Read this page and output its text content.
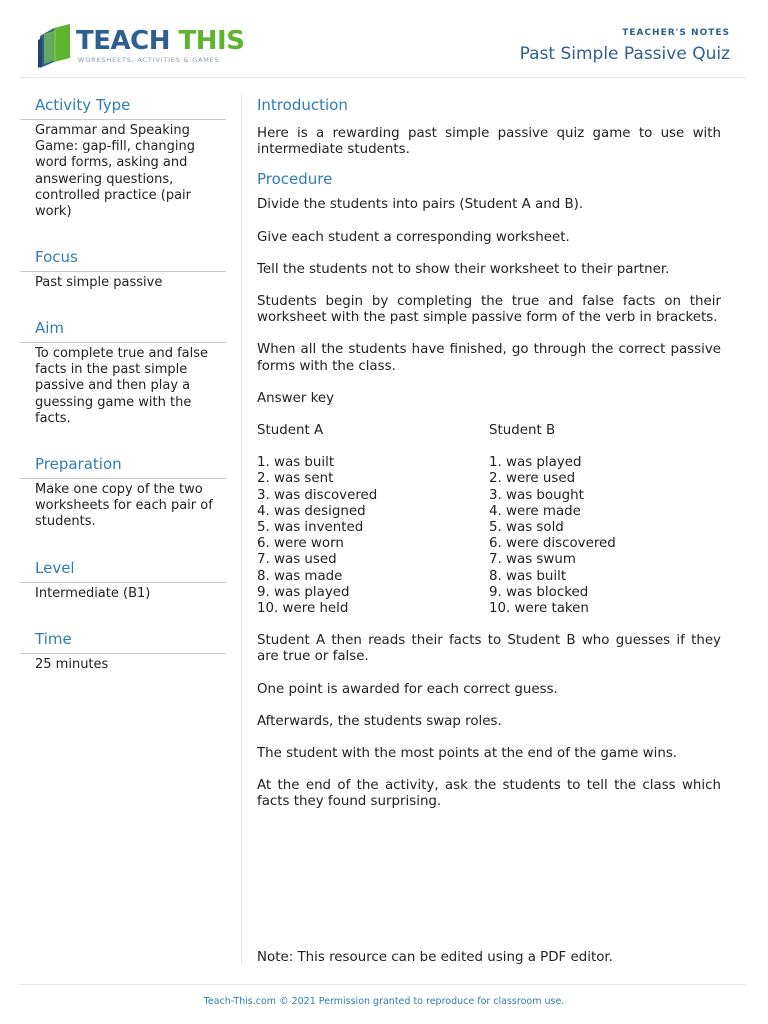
TEACH THIS
WORKSHEETS, ACTIVITIES & GAMES
TEACHER'S NOTES
Past Simple Passive Quiz
Activity Type
Grammar and Speaking Game: gap-fill, changing word forms, asking and answering questions, controlled practice (pair work)
Focus
Past simple passive
Aim
To complete true and false facts in the past simple passive and then play a guessing game with the facts.
Preparation
Make one copy of the two worksheets for each pair of students.
Level
Intermediate (B1)
Time
25 minutes
Introduction

Here is a rewarding past simple passive quiz game to use with intermediate students.

Procedure

Divide the students into pairs (Student A and B).

Give each student a corresponding worksheet.

Tell the students not to show their worksheet to their partner.

Students begin by completing the true and false facts on their worksheet with the past simple passive form of the verb in brackets.

When all the students have finished, go through the correct passive forms with the class.

Answer key

Student A	Student B
1. was built
2. was sent
3. was discovered
4. was designed
5. was invented
6. were worn
7. was used
8. was made
9. was played
10. were held
1. was played
2. were used
3. was bought
4. were made
5. was sold
6. were discovered
7. was swum
8. was built
9. was blocked
10. were taken

Student A then reads their facts to Student B who guesses if they are true or false.

One point is awarded for each correct guess.

Afterwards, the students swap roles.

The student with the most points at the end of the game wins.

At the end of the activity, ask the students to tell the class which facts they found surprising.

Note: This resource can be edited using a PDF editor.
Teach-This.com © 2021 Permission granted to reproduce for classroom use.
